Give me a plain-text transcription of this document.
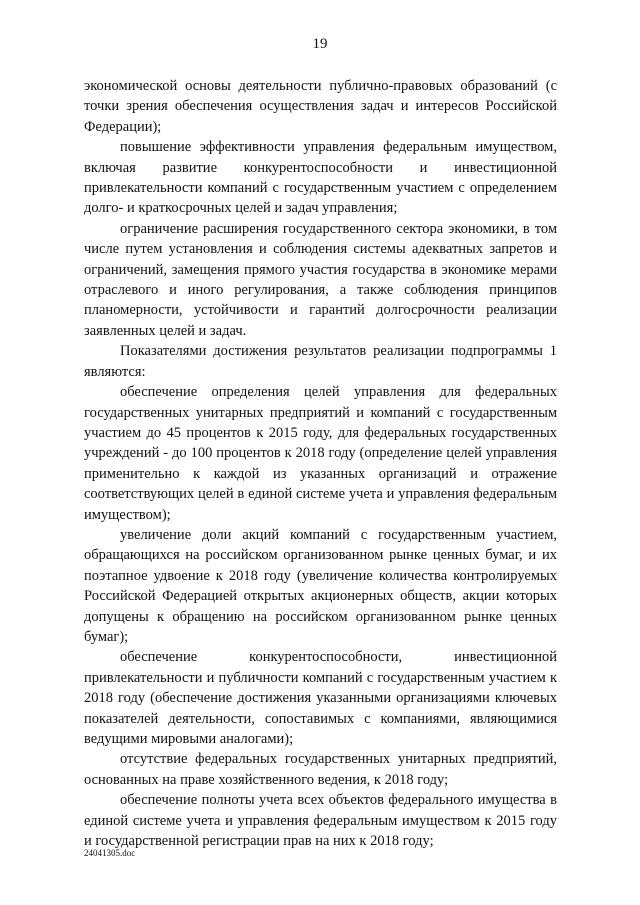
19

экономической основы деятельности публично-правовых образований (с точки зрения обеспечения осуществления задач и интересов Российской Федерации);

повышение эффективности управления федеральным имуществом, включая развитие конкурентоспособности и инвестиционной привлекательности компаний с государственным участием с определением долго- и краткосрочных целей и задач управления;

ограничение расширения государственного сектора экономики, в том числе путем установления и соблюдения системы адекватных запретов и ограничений, замещения прямого участия государства в экономике мерами отраслевого и иного регулирования, а также соблюдения принципов планомерности, устойчивости и гарантий долгосрочности реализации заявленных целей и задач.

Показателями достижения результатов реализации подпрограммы 1 являются:

обеспечение определения целей управления для федеральных государственных унитарных предприятий и компаний с государственным участием до 45 процентов к 2015 году, для федеральных государственных учреждений - до 100 процентов к 2018 году (определение целей управления применительно к каждой из указанных организаций и отражение соответствующих целей в единой системе учета и управления федеральным имуществом);

увеличение доли акций компаний с государственным участием, обращающихся на российском организованном рынке ценных бумаг, и их поэтапное удвоение к 2018 году (увеличение количества контролируемых Российской Федерацией открытых акционерных обществ, акции которых допущены к обращению на российском организованном рынке ценных бумаг);

обеспечение конкурентоспособности, инвестиционной привлекательности и публичности компаний с государственным участием к 2018 году (обеспечение достижения указанными организациями ключевых показателей деятельности, сопоставимых с компаниями, являющимися ведущими мировыми аналогами);

отсутствие федеральных государственных унитарных предприятий, основанных на праве хозяйственного ведения, к 2018 году;

обеспечение полноты учета всех объектов федерального имущества в единой системе учета и управления федеральным имуществом к 2015 году и государственной регистрации прав на них к 2018 году;

24041305.doc
